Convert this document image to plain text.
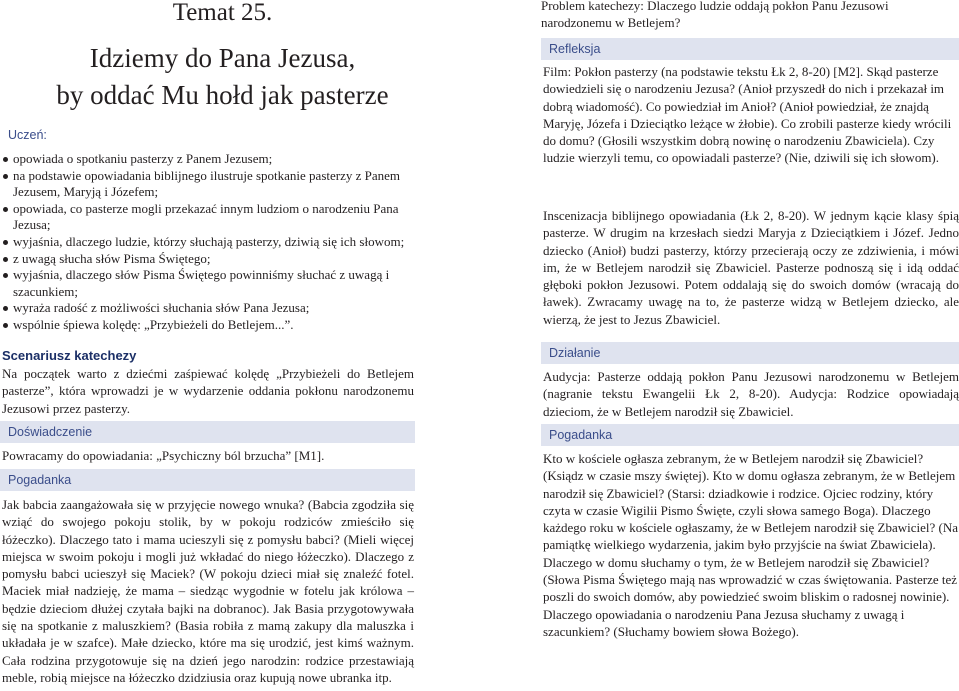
Temat 25.
Idziemy do Pana Jezusa,
by oddać Mu hołd jak pasterze
Uczeń:
opowiada o spotkaniu pasterzy z Panem Jezusem;
na podstawie opowiadania biblijnego ilustruje spotkanie pasterzy z Panem Jezusem, Maryją i Józefem;
opowiada, co pasterze mogli przekazać innym ludziom o narodzeniu Pana Jezusa;
wyjaśnia, dlaczego ludzie, którzy słuchają pasterzy, dziwią się ich słowom;
z uwagą słucha słów Pisma Świętego;
wyjaśnia, dlaczego słów Pisma Świętego powinniśmy słuchać z uwagą i szacunkiem;
wyraża radość z możliwości słuchania słów Pana Jezusa;
wspólnie śpiewa kolędę: „Przybieżeli do Betlejem...”.
Scenariusz katechezy

Na początek warto z dziećmi zaśpiewać kolędę „Przybieżeli do Betlejem pasterze”, która wprowadzi je w wydarzenie oddania pokłonu narodzonemu Jezusowi przez pasterzy.

Doświadczenie

Powracamy do opowiadania: „Psychiczny ból brzucha” [M1].

Pogadanka

Jak babcia zaangażowała się w przyjęcie nowego wnuka? (Babcia zgodziła się wziąć do swojego pokoju stolik, by w pokoju rodziców zmieściło się łóżeczko). Dlaczego tato i mama ucieszyli się z pomysłu babci? (Mieli więcej miejsca w swoim pokoju i mogli już wkładać do niego łóżeczko). Dlaczego z pomysłu babci ucieszył się Maciek? (W pokoju dzieci miał się znaleźć fotel. Maciek miał nadzieję, że mama – siedząc wygodnie w fotelu jak królowa – będzie dzieciom dłużej czytała bajki na dobranoc). Jak Basia przygotowywała się na spotkanie z maluszkiem? (Basia robiła z mamą zakupy dla maluszka i układała je w szafce). Małe dziecko, które ma się urodzić, jest kimś ważnym. Cała rodzina przygotowuje się na dzień jego narodzin: rodzice przestawiają meble, robią miejsce na łóżeczko dzidziusia oraz kupują nowe ubranka itp.

Problem katechezy: Dlaczego ludzie oddają pokłon Panu Jezusowi narodzonemu w Betlejem?

Refleksja

Film: Pokłon pasterzy (na podstawie tekstu Łk 2, 8-20) [M2]. Skąd pasterze dowiedzieli się o narodzeniu Jezusa? (Anioł przyszedł do nich i przekazał im dobrą wiadomość). Co powiedział im Anioł? (Anioł powiedział, że znajdą Maryję, Józefa i Dzieciątko leżące w żłobie). Co zrobili pasterze kiedy wrócili do domu? (Głosili wszystkim dobrą nowinę o narodzeniu Zbawiciela). Czy ludzie wierzyli temu, co opowiadali pasterze? (Nie, dziwili się ich słowom).

Inscenizacja biblijnego opowiadania (Łk 2, 8-20). W jednym kącie klasy śpią pasterze. W drugim na krzesłach siedzi Maryja z Dzieciątkiem i Józef. Jedno dziecko (Anioł) budzi pasterzy, którzy przecierają oczy ze zdziwienia, i mówi im, że w Betlejem narodził się Zbawiciel. Pasterze podnoszą się i idą oddać głęboki pokłon Jezusowi. Potem oddalają się do swoich domów (wracają do ławek). Zwracamy uwagę na to, że pasterze widzą w Betlejem dziecko, ale wierzą, że jest to Jezus Zbawiciel.

Działanie

Audycja: Pasterze oddają pokłon Panu Jezusowi narodzonemu w Betlejem (nagranie tekstu Ewangelii Łk 2, 8-20). Audycja: Rodzice opowiadają dzieciom, że w Betlejem narodził się Zbawiciel.

Pogadanka

Kto w kościele ogłasza zebranym, że w Betlejem narodził się Zbawiciel? (Ksiądz w czasie mszy świętej). Kto w domu ogłasza zebranym, że w Betlejem narodził się Zbawiciel? (Starsi: dziadkowie i rodzice. Ojciec rodziny, który czyta w czasie Wigilii Pismo Święte, czyli słowa samego Boga). Dlaczego każdego roku w kościele ogłaszamy, że w Betlejem narodził się Zbawiciel? (Na pamiątkę wielkiego wydarzenia, jakim było przyjście na świat Zbawiciela). Dlaczego w domu słuchamy o tym, że w Betlejem narodził się Zbawiciel? (Słowa Pisma Świętego mają nas wprowadzić w czas świętowania. Pasterze też poszli do swoich domów, aby powiedzieć swoim bliskim o radosnej nowinie). Dlaczego opowiadania o narodzeniu Pana Jezusa słuchamy z uwagą i szacunkiem? (Słuchamy bowiem słowa Bożego).
